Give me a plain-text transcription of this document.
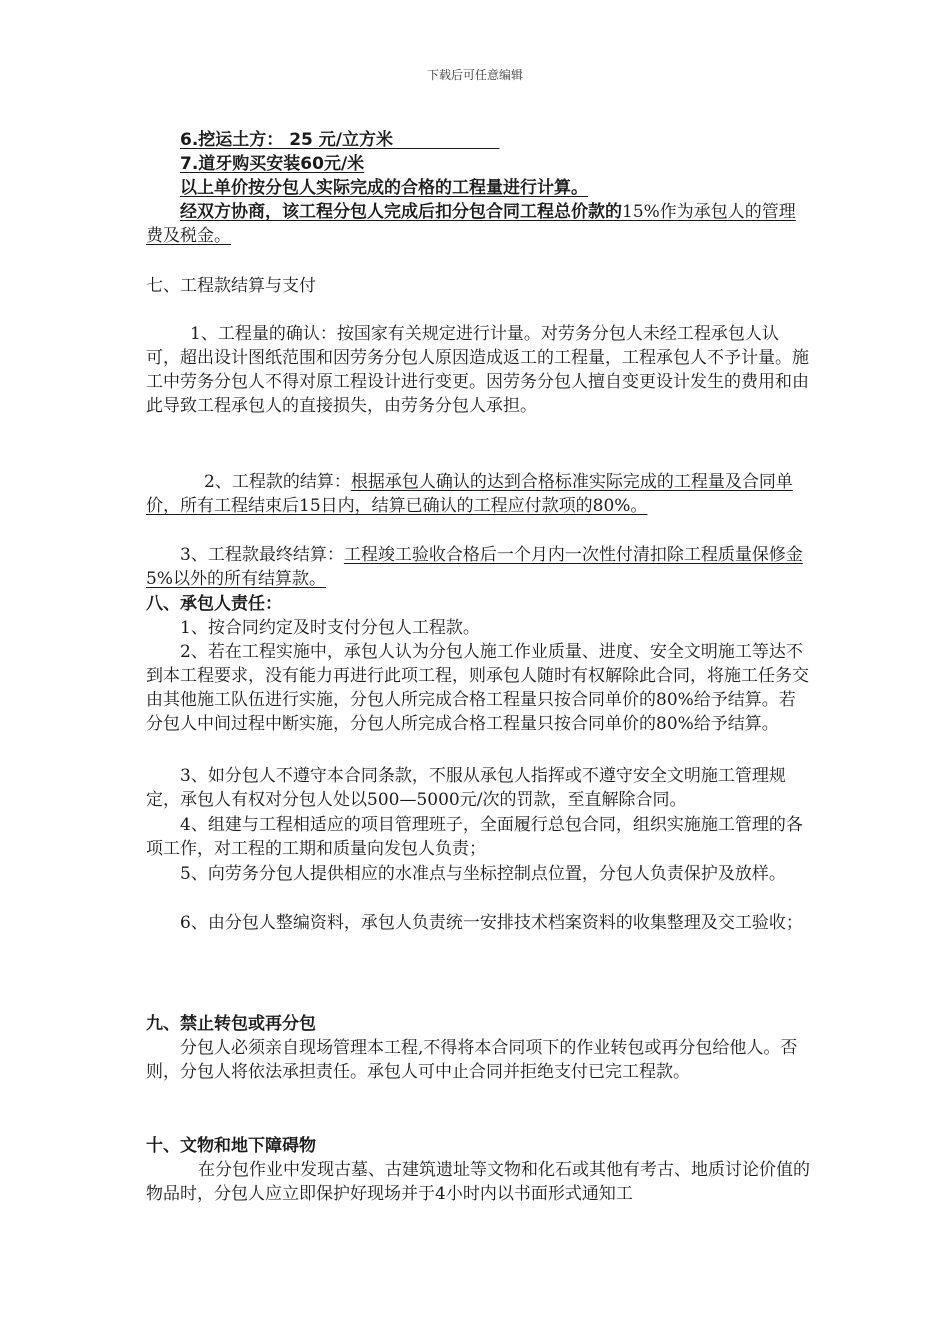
下载后可任意编辑

6.挖运土方： 25 元/立方米

7.道牙购买安装60元/米

以上单价按分包人实际完成的合格的工程量进行计算。

经双方协商，该工程分包人完成后扣分包合同工程总价款的15%作为承包人的管理费及税金。

七、工程款结算与支付

1、工程量的确认：按国家有关规定进行计量。对劳务分包人未经工程承包人认可，超出设计图纸范围和因劳务分包人原因造成返工的工程量，工程承包人不予计量。施工中劳务分包人不得对原工程设计进行变更。因劳务分包人擅自变更设计发生的费用和由此导致工程承包人的直接损失，由劳务分包人承担。

2、工程款的结算：根据承包人确认的达到合格标准实际完成的工程量及合同单价，所有工程结束后15日内，结算已确认的工程应付款项的80%。

3、工程款最终结算：工程竣工验收合格后一个月内一次性付清扣除工程质量保修金5%以外的所有结算款。

八、承包人责任：

1、按合同约定及时支付分包人工程款。

2、若在工程实施中，承包人认为分包人施工作业质量、进度、安全文明施工等达不到本工程要求，没有能力再进行此项工程，则承包人随时有权解除此合同，将施工任务交由其他施工队伍进行实施，分包人所完成合格工程量只按合同单价的80%给予结算。若分包人中间过程中断实施，分包人所完成合格工程量只按合同单价的80%给予结算。

3、如分包人不遵守本合同条款，不服从承包人指挥或不遵守安全文明施工管理规定，承包人有权对分包人处以500—5000元/次的罚款，至直解除合同。

4、组建与工程相适应的项目管理班子，全面履行总包合同，组织实施施工管理的各项工作，对工程的工期和质量向发包人负责；

5、向劳务分包人提供相应的水准点与坐标控制点位置，分包人负责保护及放样。

6、由分包人整编资料，承包人负责统一安排技术档案资料的收集整理及交工验收；

九、禁止转包或再分包

分包人必须亲自现场管理本工程,不得将本合同项下的作业转包或再分包给他人。否则，分包人将依法承担责任。承包人可中止合同并拒绝支付已完工程款。

十、文物和地下障碍物

在分包作业中发现古墓、古建筑遗址等文物和化石或其他有考古、地质讨论价值的物品时，分包人应立即保护好现场并于4小时内以书面形式通知工
